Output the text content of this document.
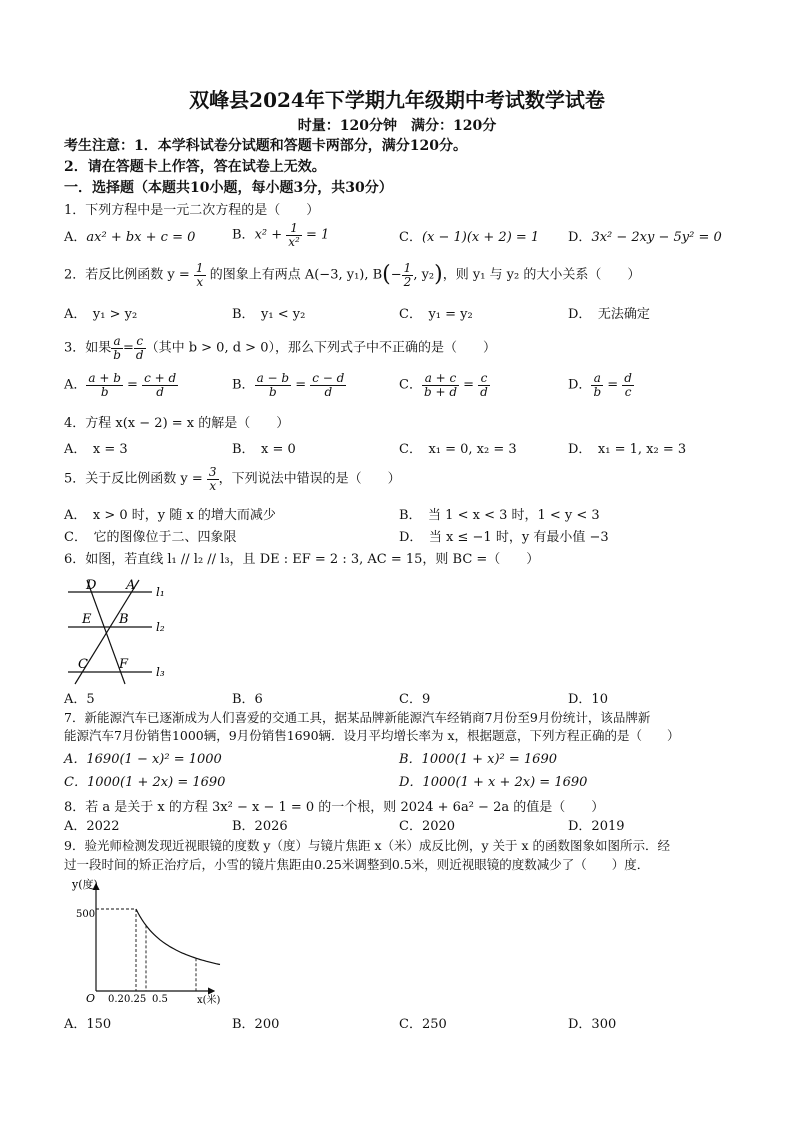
双峰县2024年下学期九年级期中考试数学试卷
时量：120分钟　满分：120分
考生注意：1．本学科试卷分试题和答题卡两部分，满分120分。
2．请在答题卡上作答，答在试卷上无效。
一．选择题（本题共10小题，每小题3分，共30分）
1．下列方程中是一元二次方程的是（　　）
A．ax² + bx + c = 0	B．$x^2 + \frac{1}{\text{x²}} = 1$	C．(x − 1)(x + 2) = 1 D．3x² − 2xy − 5y² = 0
2．若反比例函数 $y = \frac{1}{x}$ 的图象上有两点 A(−3, y₁), $B(- \frac{1}{2}$ , y₂)，则 y₁ 与 y₂ 的大小关系（　　）
A．　y₁ > y₂	B．　y₁ < y₂	C．　y₁ = y₂	D．　无法确定
3．如果 $\frac{a}{b} = \frac{c}{d}$ （其中 b > 0, d > 0），那么下列式子中不正确的是（　　）
A． $\frac{a + b}{b} = \frac{c + d}{d}$	B． $\frac{a - b}{b} = \frac{c - d}{d}$	C． $\frac{a + c}{b + d} = \frac{c}{d}$	D． $\frac{a}{b} = \frac{d}{c}$
4．方程 x(x − 2) = x 的解是（　　）
A．　x = 3	B．　x = 0	C．　x₁ = 0, x₂ = 3	D．　x₁ = 1, x₂ = 3
5．关于反比例函数 $y = \frac{3}{x}$ ，下列说法中错误的是（　　）
A．　x > 0 时，y 随 x 的增大而减少	B．　当 1 < x < 3 时，1 < y < 3
C．　它的图像位于二、四象限	D．　当 x ≤ −1 时，y 有最小值 −3
6．如图，若直线 l₁ // l₂ // l₃，且 DE : EF = 2 : 3, AC = 15，则 BC =（　　）
D A
E B
C F
l₁
l₂
l₃
A．5	B．6	C．9	D．10
7．新能源汽车已逐渐成为人们喜爱的交通工具，据某品牌新能源汽车经销商7月份至9月份统计，该品牌新
能源汽车7月份销售1000辆，9月份销售1690辆．设月平均增长率为 x，根据题意，下列方程正确的是（　　）
A．1690(1 − x)² = 1000	B．1000(1 + x)² = 1690
C．1000(1 + 2x) = 1690	D．1000(1 + x + 2x) = 1690
8．若 a 是关于 x 的方程 3x² − x − 1 = 0 的一个根，则 2024 + 6a² − 2a 的值是（　　）
A．2022	B．2026	C．2020	D．2019
9．验光师检测发现近视眼镜的度数 y（度）与镜片焦距 x（米）成反比例，y 关于 x 的函数图象如图所示．经
过一段时间的矫正治疗后，小雪的镜片焦距由0.25米调整到0.5米，则近视眼镜的度数减少了（　　）度．
y(度)
x(米)
O
500
0.2 0.25 0.5
A．150	B．200	C．250	D．300
